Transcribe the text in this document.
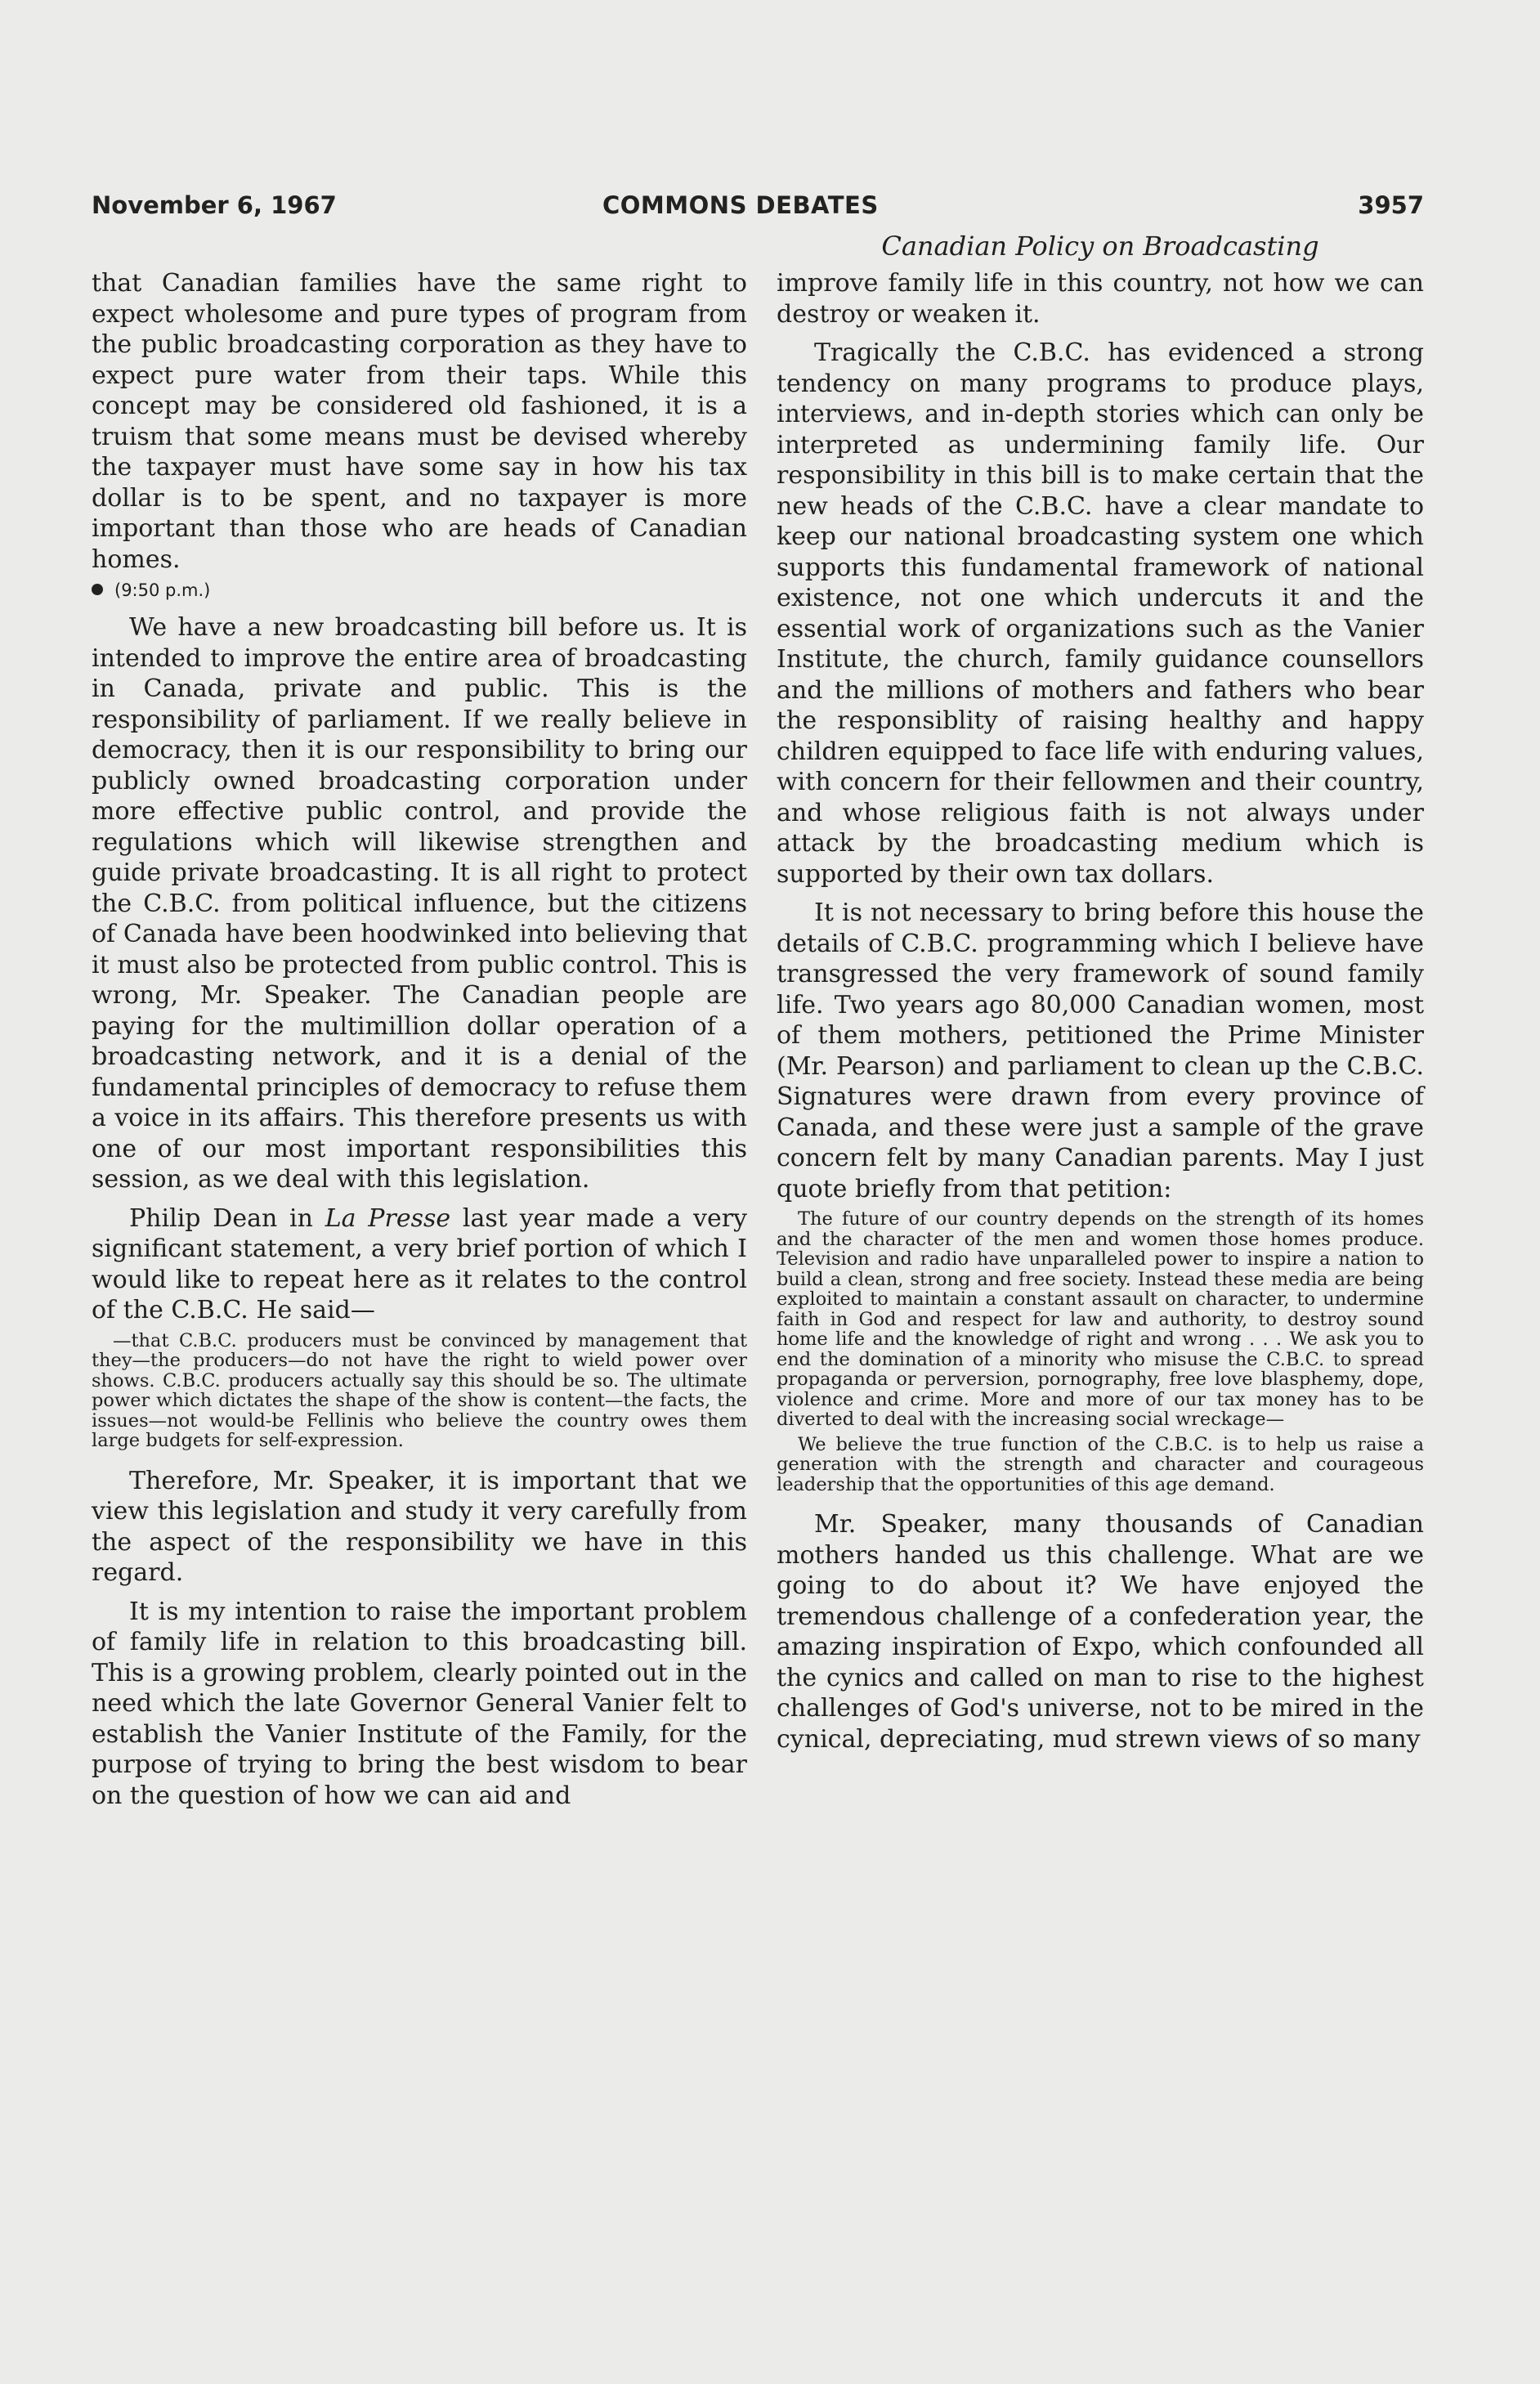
November 6, 1967	COMMONS DEBATES	3957
Canadian Policy on Broadcasting

that Canadian families have the same right to expect wholesome and pure types of program from the public broadcasting corporation as they have to expect pure water from their taps. While this concept may be considered old fashioned, it is a truism that some means must be devised whereby the taxpayer must have some say in how his tax dollar is to be spent, and no taxpayer is more important than those who are heads of Canadian homes.

(9:50 p.m.)

We have a new broadcasting bill before us. It is intended to improve the entire area of broadcasting in Canada, private and public. This is the responsibility of parliament. If we really believe in democracy, then it is our responsibility to bring our publicly owned broadcasting corporation under more effective public control, and provide the regulations which will likewise strengthen and guide private broadcasting. It is all right to protect the C.B.C. from political influence, but the citizens of Canada have been hoodwinked into believing that it must also be protected from public control. This is wrong, Mr. Speaker. The Canadian people are paying for the multimillion dollar operation of a broadcasting network, and it is a denial of the fundamental principles of democracy to refuse them a voice in its affairs. This therefore presents us with one of our most important responsibilities this session, as we deal with this legislation.

Philip Dean in La Presse last year made a very significant statement, a very brief portion of which I would like to repeat here as it relates to the control of the C.B.C. He said—

—that C.B.C. producers must be convinced by management that they—the producers—do not have the right to wield power over shows. C.B.C. producers actually say this should be so. The ultimate power which dictates the shape of the show is content—the facts, the issues—not would-be Fellinis who believe the country owes them large budgets for self-expression.

Therefore, Mr. Speaker, it is important that we view this legislation and study it very carefully from the aspect of the responsibility we have in this regard.

It is my intention to raise the important problem of family life in relation to this broadcasting bill. This is a growing problem, clearly pointed out in the need which the late Governor General Vanier felt to establish the Vanier Institute of the Family, for the purpose of trying to bring the best wisdom to bear on the question of how we can aid and

improve family life in this country, not how we can destroy or weaken it.

Tragically the C.B.C. has evidenced a strong tendency on many programs to produce plays, interviews, and in-depth stories which can only be interpreted as undermining family life. Our responsibility in this bill is to make certain that the new heads of the C.B.C. have a clear mandate to keep our national broadcasting system one which supports this fundamental framework of national existence, not one which undercuts it and the essential work of organizations such as the Vanier Institute, the church, family guidance counsellors and the millions of mothers and fathers who bear the responsiblity of raising healthy and happy children equipped to face life with enduring values, with concern for their fellowmen and their country, and whose religious faith is not always under attack by the broadcasting medium which is supported by their own tax dollars.

It is not necessary to bring before this house the details of C.B.C. programming which I believe have transgressed the very framework of sound family life. Two years ago 80,000 Canadian women, most of them mothers, petitioned the Prime Minister (Mr. Pearson) and parliament to clean up the C.B.C. Signatures were drawn from every province of Canada, and these were just a sample of the grave concern felt by many Canadian parents. May I just quote briefly from that petition:

The future of our country depends on the strength of its homes and the character of the men and women those homes produce. Television and radio have unparalleled power to inspire a nation to build a clean, strong and free society. Instead these media are being exploited to maintain a constant assault on character, to undermine faith in God and respect for law and authority, to destroy sound home life and the knowledge of right and wrong . . . We ask you to end the domination of a minority who misuse the C.B.C. to spread propaganda or perversion, pornography, free love blasphemy, dope, violence and crime. More and more of our tax money has to be diverted to deal with the increasing social wreckage—
We believe the true function of the C.B.C. is to help us raise a generation with the strength and character and courageous leadership that the opportunities of this age demand.

Mr. Speaker, many thousands of Canadian mothers handed us this challenge. What are we going to do about it? We have enjoyed the tremendous challenge of a confederation year, the amazing inspiration of Expo, which confounded all the cynics and called on man to rise to the highest challenges of God's universe, not to be mired in the cynical, depreciating, mud strewn views of so many
